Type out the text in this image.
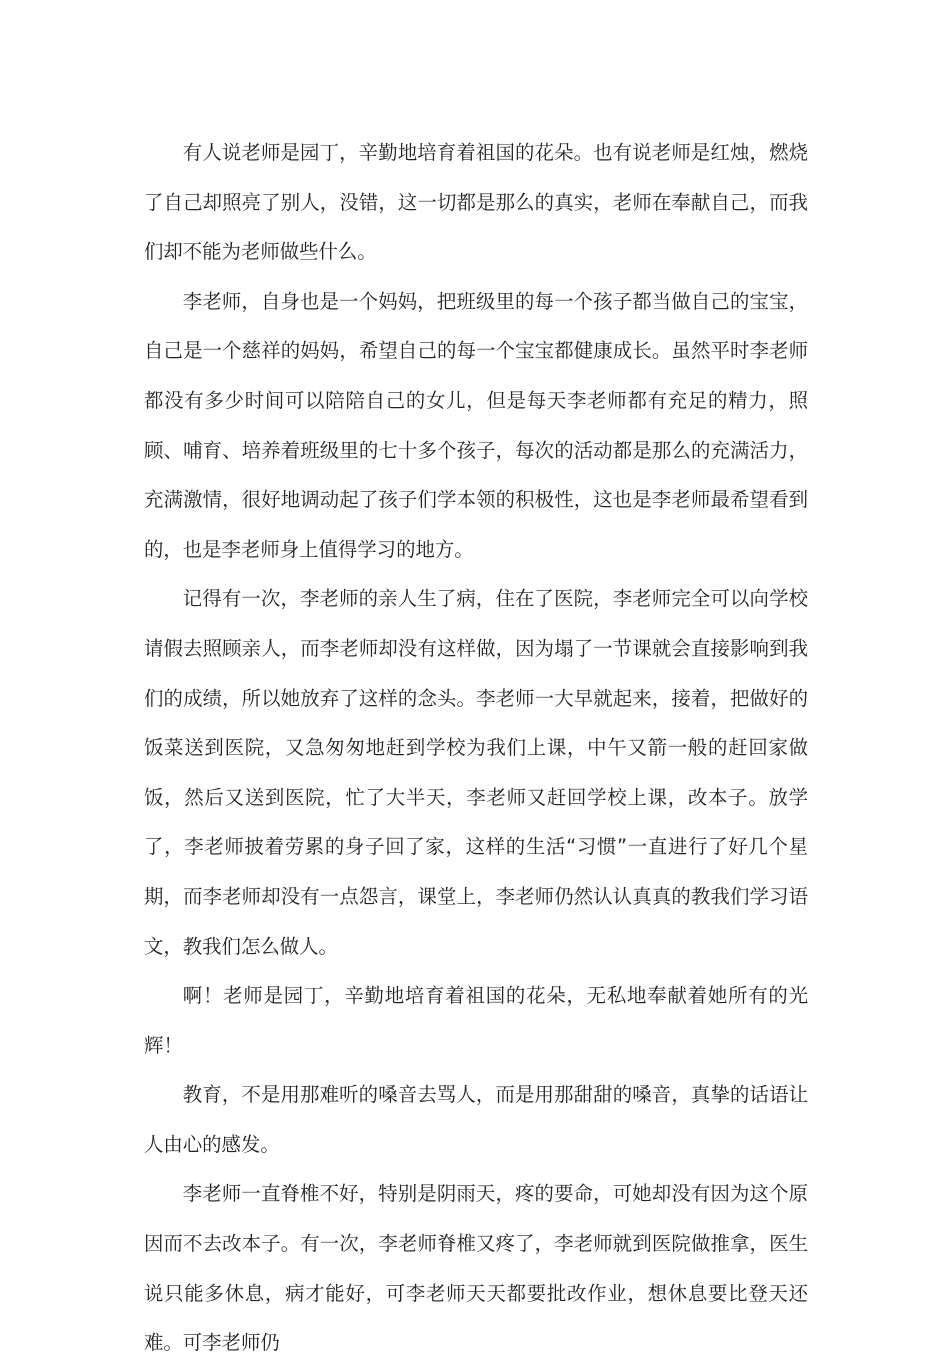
有人说老师是园丁，辛勤地培育着祖国的花朵。也有说老师是红烛，燃烧了自己却照亮了别人，没错，这一切都是那么的真实，老师在奉献自己，而我们却不能为老师做些什么。

李老师，自身也是一个妈妈，把班级里的每一个孩子都当做自己的宝宝，自己是一个慈祥的妈妈，希望自己的每一个宝宝都健康成长。虽然平时李老师都没有多少时间可以陪陪自己的女儿，但是每天李老师都有充足的精力，照顾、哺育、培养着班级里的七十多个孩子，每次的活动都是那么的充满活力，充满激情，很好地调动起了孩子们学本领的积极性，这也是李老师最希望看到的，也是李老师身上值得学习的地方。

记得有一次，李老师的亲人生了病，住在了医院，李老师完全可以向学校请假去照顾亲人，而李老师却没有这样做，因为塌了一节课就会直接影响到我们的成绩，所以她放弃了这样的念头。李老师一大早就起来，接着，把做好的饭菜送到医院，又急匆匆地赶到学校为我们上课，中午又箭一般的赶回家做饭，然后又送到医院，忙了大半天，李老师又赶回学校上课，改本子。放学了，李老师披着劳累的身子回了家，这样的生活“习惯”一直进行了好几个星期，而李老师却没有一点怨言，课堂上，李老师仍然认认真真的教我们学习语文，教我们怎么做人。

啊！老师是园丁，辛勤地培育着祖国的花朵，无私地奉献着她所有的光辉！

教育，不是用那难听的嗓音去骂人，而是用那甜甜的嗓音，真挚的话语让人由心的感发。

李老师一直脊椎不好，特别是阴雨天，疼的要命，可她却没有因为这个原因而不去改本子。有一次，李老师脊椎又疼了，李老师就到医院做推拿，医生说只能多休息，病才能好，可李老师天天都要批改作业，想休息要比登天还难。可李老师仍
